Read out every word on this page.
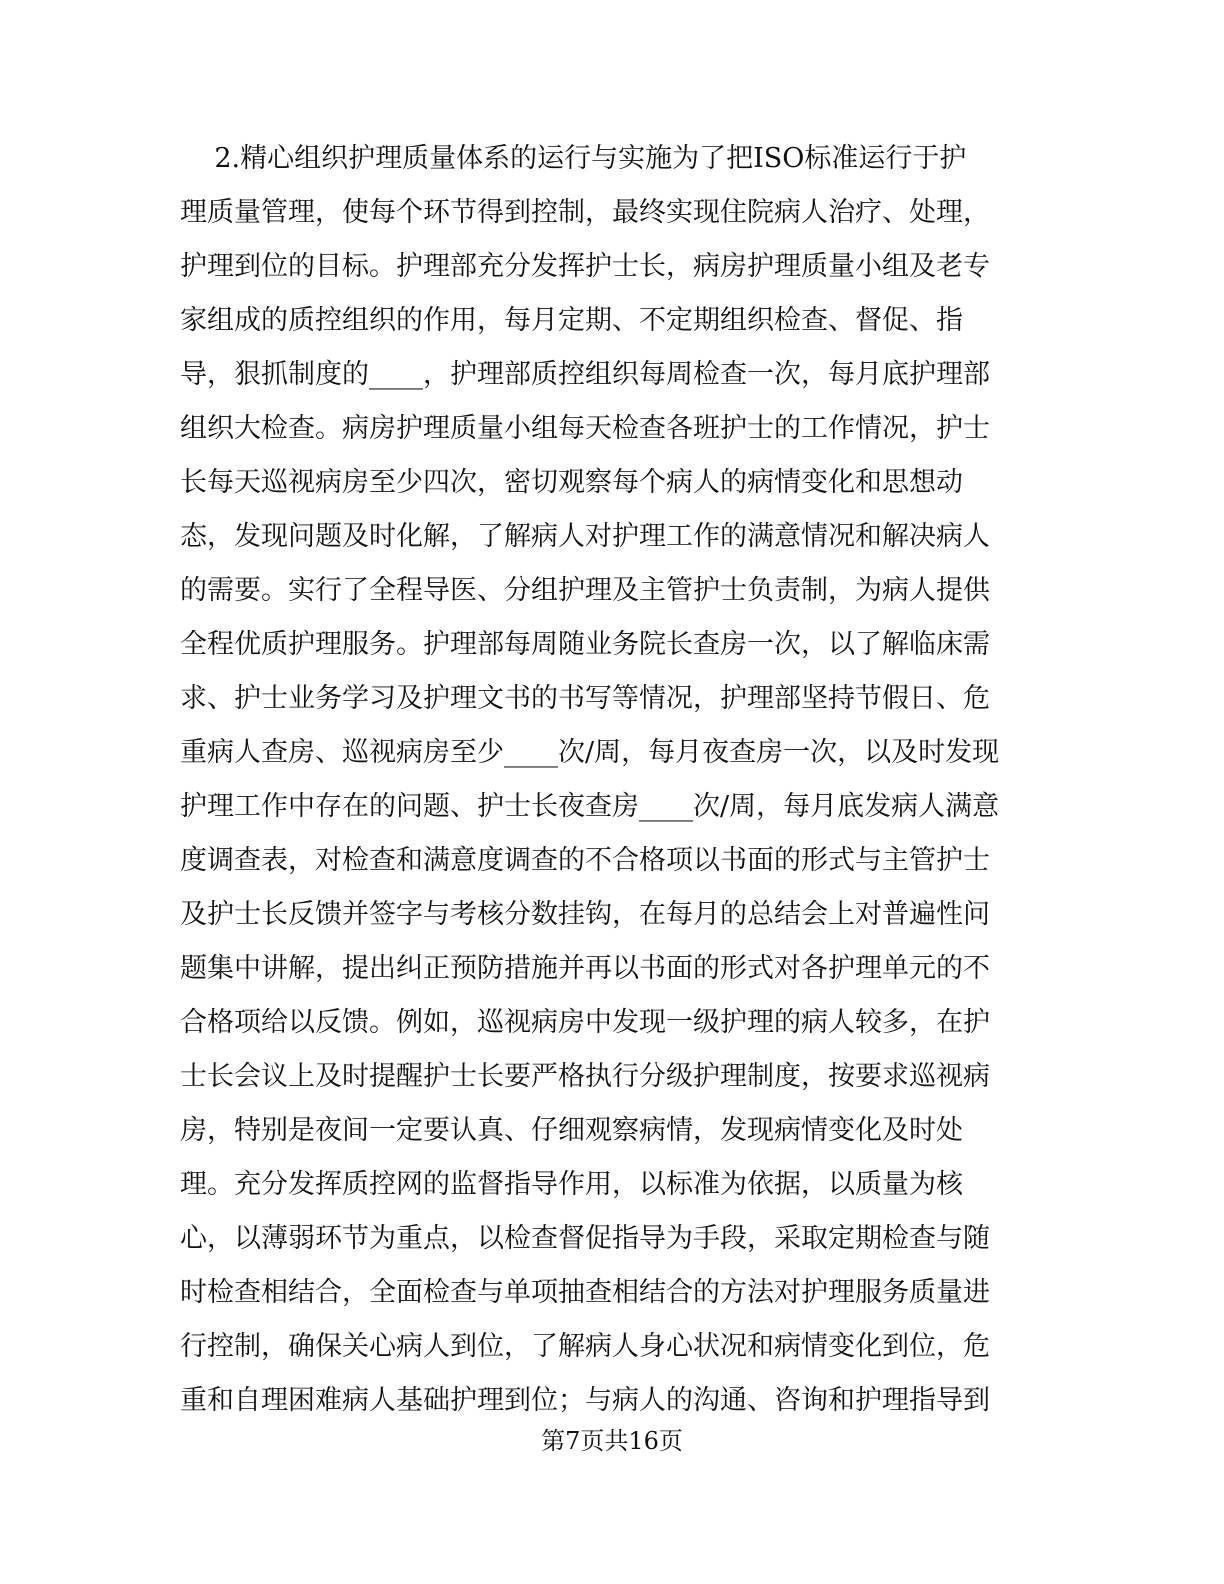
2.精心组织护理质量体系的运行与实施为了把ISO标准运行于护
理质量管理，使每个环节得到控制，最终实现住院病人治疗、处理，
护理到位的目标。护理部充分发挥护士长，病房护理质量小组及老专
家组成的质控组织的作用，每月定期、不定期组织检查、督促、指
导，狠抓制度的____，护理部质控组织每周检查一次，每月底护理部
组织大检查。病房护理质量小组每天检查各班护士的工作情况，护士
长每天巡视病房至少四次，密切观察每个病人的病情变化和思想动
态，发现问题及时化解，了解病人对护理工作的满意情况和解决病人
的需要。实行了全程导医、分组护理及主管护士负责制，为病人提供
全程优质护理服务。护理部每周随业务院长查房一次，以了解临床需
求、护士业务学习及护理文书的书写等情况，护理部坚持节假日、危
重病人查房、巡视病房至少____次/周，每月夜查房一次，以及时发现
护理工作中存在的问题、护士长夜查房____次/周，每月底发病人满意
度调查表，对检查和满意度调查的不合格项以书面的形式与主管护士
及护士长反馈并签字与考核分数挂钩，在每月的总结会上对普遍性问
题集中讲解，提出纠正预防措施并再以书面的形式对各护理单元的不
合格项给以反馈。例如，巡视病房中发现一级护理的病人较多，在护
士长会议上及时提醒护士长要严格执行分级护理制度，按要求巡视病
房，特别是夜间一定要认真、仔细观察病情，发现病情变化及时处
理。充分发挥质控网的监督指导作用，以标准为依据，以质量为核
心，以薄弱环节为重点，以检查督促指导为手段，采取定期检查与随
时检查相结合，全面检查与单项抽查相结合的方法对护理服务质量进
行控制，确保关心病人到位，了解病人身心状况和病情变化到位，危
重和自理困难病人基础护理到位；与病人的沟通、咨询和护理指导到
第7页共16页
